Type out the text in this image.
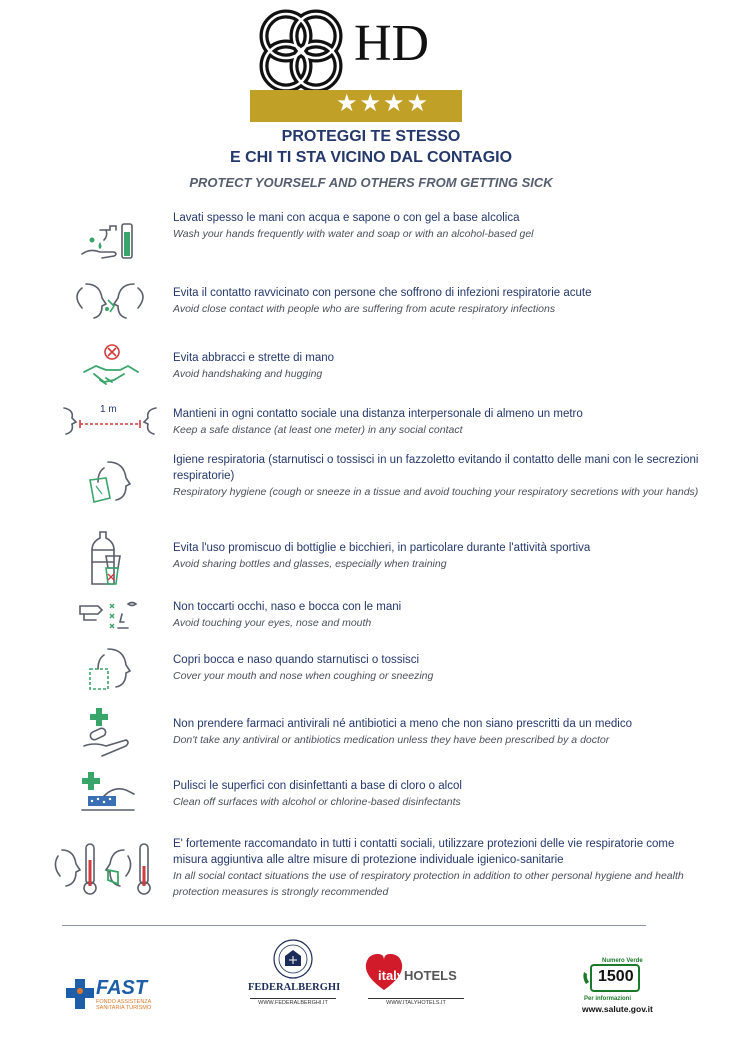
HD
★★★★
PROTEGGI TE STESSO
E CHI TI STA VICINO DAL CONTAGIO
PROTECT YOURSELF AND OTHERS FROM GETTING SICK
Lavati spesso le mani con acqua e sapone o con gel a base alcolica
Wash your hands frequently with water and soap or with an alcohol-based gel
Evita il contatto ravvicinato con persone che soffrono di infezioni respiratorie acute
Avoid close contact with people who are suffering from acute respiratory infections
Evita abbracci e strette di mano
Avoid handshaking and hugging
1 m	Mantieni in ogni contatto sociale una distanza interpersonale di almeno un metro
Keep a safe distance (at least one meter) in any social contact
Igiene respiratoria (starnutisci o tossisci in un fazzoletto evitando il contatto delle mani con le secrezioni respiratorie)
Respiratory hygiene (cough or sneeze in a tissue and avoid touching your respiratory secretions with your hands)
Evita l'uso promiscuo di bottiglie e bicchieri, in particolare durante l'attività sportiva
Avoid sharing bottles and glasses, especially when training
Non toccarti occhi, naso e bocca con le mani
Avoid touching your eyes, nose and mouth
Copri bocca e naso quando starnutisci o tossisci
Cover your mouth and nose when coughing or sneezing
Non prendere farmaci antivirali né antibiotici a meno che non siano prescritti da un medico
Don't take any antiviral or antibiotics medication unless they have been prescribed by a doctor
Pulisci le superfici con disinfettanti a base di cloro o alcol
Clean off surfaces with alcohol or chlorine-based disinfectants
E' fortemente raccomandato in tutti i contatti sociali, utilizzare protezioni delle vie respiratorie come misura aggiuntiva alle altre misure di protezione individuale igienico-sanitarie
In all social contact situations the use of respiratory protection in addition to other personal hygiene and health protection measures is strongly recommended
FAST
FONDO ASSISTENZA SANITARIA TURISMO
FEDERALBERGHI
WWW.FEDERALBERGHI.IT
italyHOTELS
WWW.ITALYHOTELS.IT
Numero Verde
1500
Per informazioni
www.salute.gov.it
